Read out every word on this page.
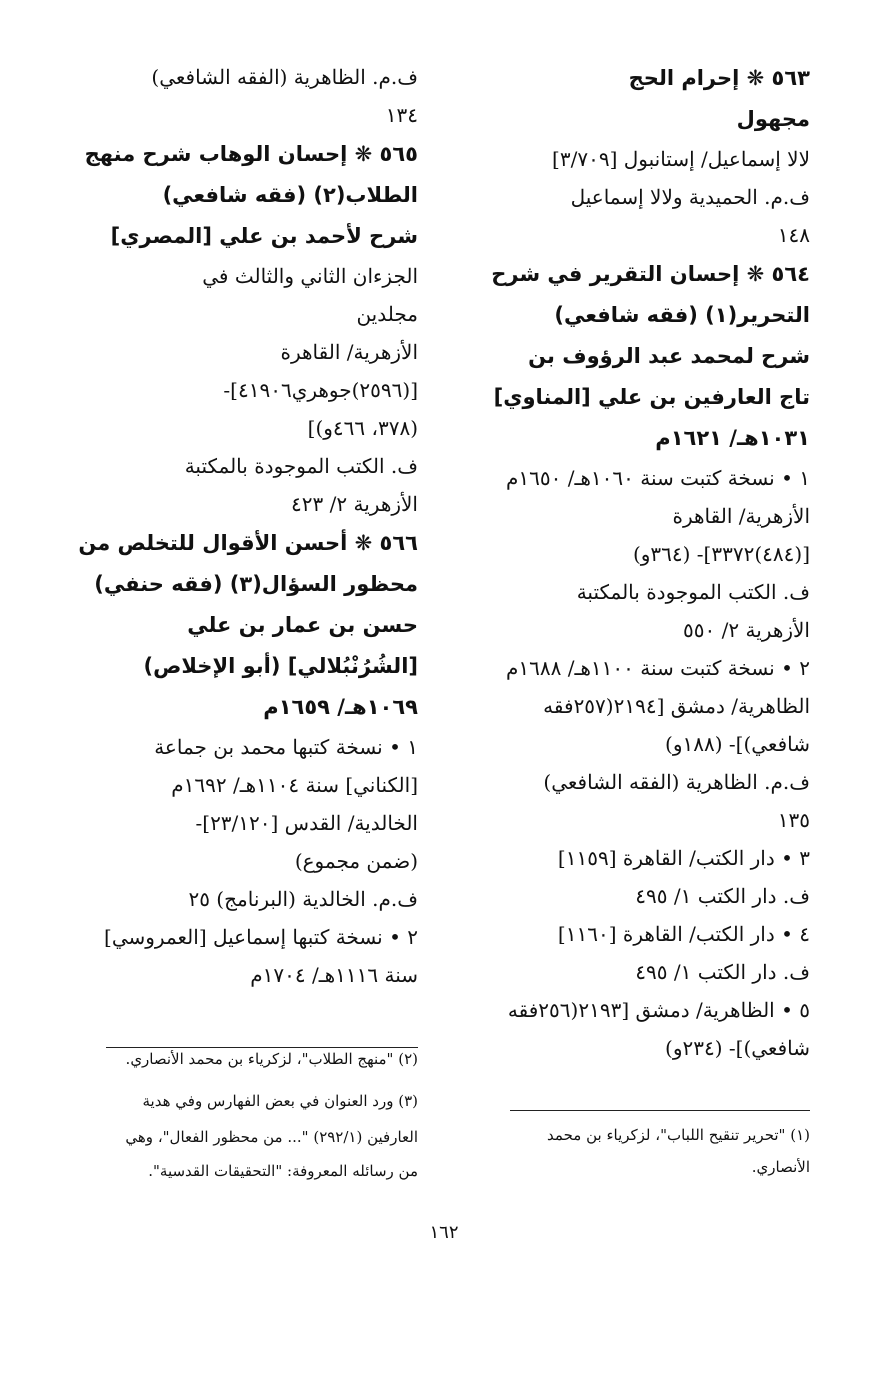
٥٦٣ ❋ إحرام الحج
مجهول
لالا إسماعيل/ إستانبول [٣/٧٠٩]
ف.م. الحميدية ولالا إسماعيل
١٤٨
٥٦٤ ❋ إحسان التقرير في شرح
التحرير(١) (فقه شافعي)
شرح لمحمد عبد الرؤوف بن
تاج العارفين بن علي [المناوي]
١٠٣١هـ/ ١٦٢١م
١ • نسخة كتبت سنة ١٠٦٠هـ/ ١٦٥٠م
الأزهرية/ القاهرة
[(٤٨٤)٣٣٧٢]- (٣٦٤و)
ف. الكتب الموجودة بالمكتبة
الأزهرية ٢/ ٥٥٠
٢ • نسخة كتبت سنة ١١٠٠هـ/ ١٦٨٨م
الظاهرية/ دمشق [٢١٩٤(٢٥٧فقه
شافعي)]- (١٨٨و)
ف.م. الظاهرية (الفقه الشافعي)
١٣٥
٣ • دار الكتب/ القاهرة [١١٥٩]
ف. دار الكتب ١/ ٤٩٥
٤ • دار الكتب/ القاهرة [١١٦٠]
ف. دار الكتب ١/ ٤٩٥
٥ • الظاهرية/ دمشق [٢١٩٣(٢٥٦فقه
شافعي)]- (٢٣٤و)
ف.م. الظاهرية (الفقه الشافعي)
١٣٤
٥٦٥ ❋ إحسان الوهاب شرح منهج
الطلاب(٢) (فقه شافعي)
شرح لأحمد بن علي [المصري]
الجزءان الثاني والثالث في
مجلدين
الأزهرية/ القاهرة
[(٢٥٩٦)جوهري٤١٩٠٦]-
(٣٧٨، ٤٦٦و)]
ف. الكتب الموجودة بالمكتبة
الأزهرية ٢/ ٤٢٣
٥٦٦ ❋ أحسن الأقوال للتخلص من
محظور السؤال(٣) (فقه حنفي)
حسن بن عمار بن علي
[الشُرُنْبُلالي] (أبو الإخلاص)
١٠٦٩هـ/ ١٦٥٩م
١ • نسخة كتبها محمد بن جماعة
[الكناني] سنة ١١٠٤هـ/ ١٦٩٢م
الخالدية/ القدس [٢٣/١٢٠]-
(ضمن مجموع)
ف.م. الخالدية (البرنامج) ٢٥
٢ • نسخة كتبها إسماعيل [العمروسي]
سنة ١١١٦هـ/ ١٧٠٤م
(٢) "منهج الطلاب"، لزكرياء بن محمد الأنصاري.
(٣) ورد العنوان في بعض الفهارس وفي هدية
العارفين (٢٩٢/١) "... من محظور الفعال"، وهي
من رسائله المعروفة: "التحقيقات القدسية".
(١) "تحرير تنقيح اللباب"، لزكرياء بن محمد
الأنصاري.
١٦٢
